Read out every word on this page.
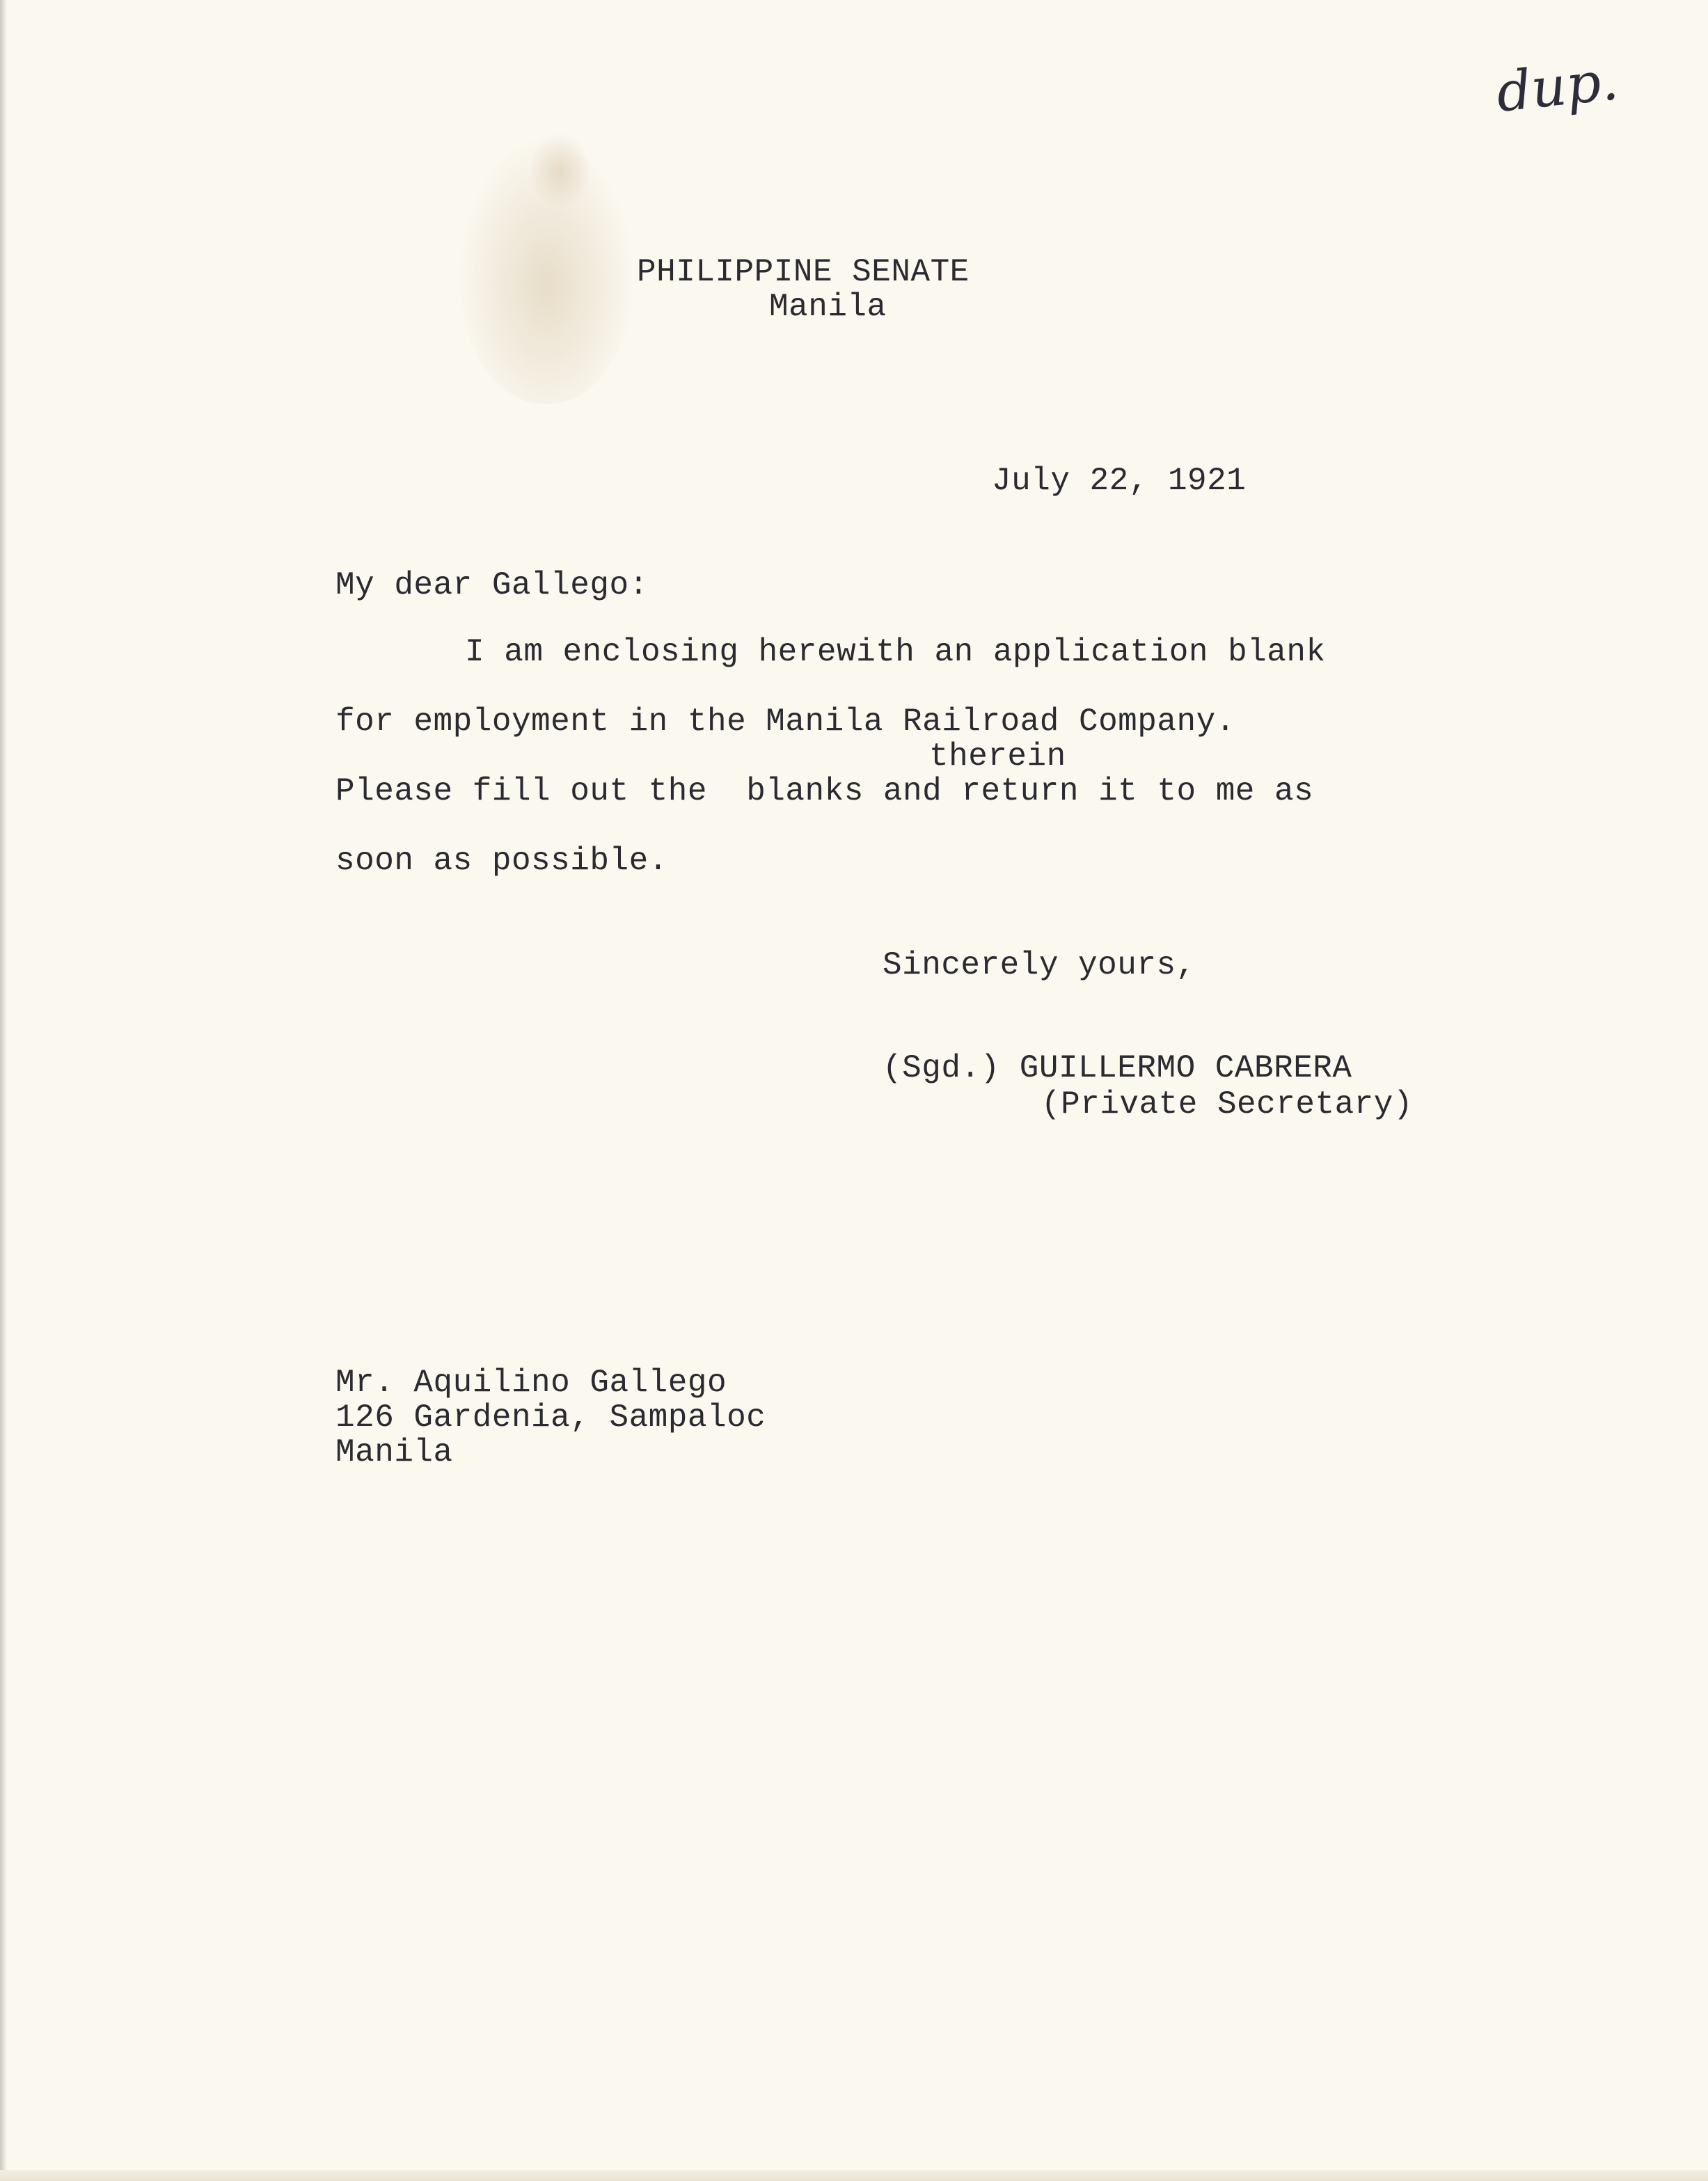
dup.
PHILIPPINE SENATE
Manila
July 22, 1921
My dear Gallego:
I am enclosing herewith an application blank
for employment in the Manila Railroad Company.
therein
Please fill out the  blanks and return it to me as
soon as possible.
Sincerely yours,
(Sgd.) GUILLERMO CABRERA
(Private Secretary)
Mr. Aquilino Gallego
126 Gardenia, Sampaloc
Manila
